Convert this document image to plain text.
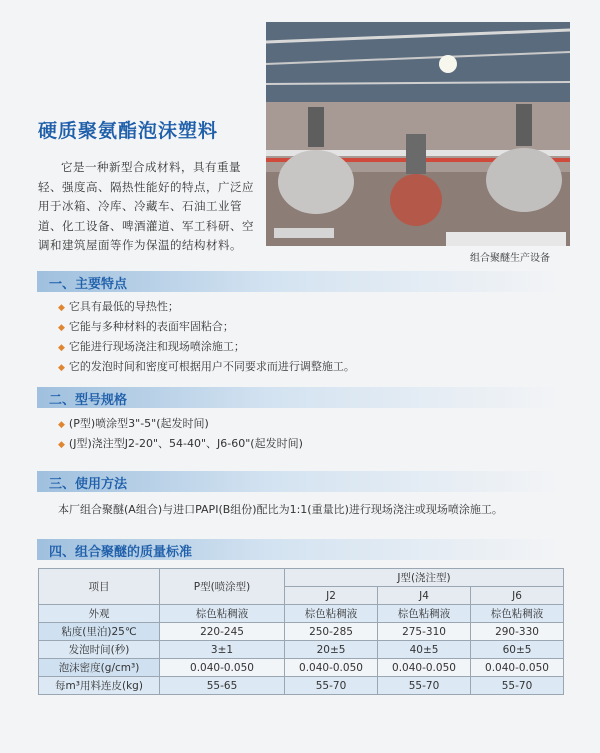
组合聚醚生产设备
硬质聚氨酯泡沫塑料
它是一种新型合成材料，具有重量轻、强度高、隔热性能好的特点，广泛应用于冰箱、冷库、冷藏车、石油工业管道、化工设备、啤酒灌道、军工科研、空调和建筑屋面等作为保温的结构材料。
一、主要特点
◆ 它具有最低的导热性；
◆ 它能与多种材料的表面牢固粘合；
◆ 它能进行现场浇注和现场喷涂施工；
◆ 它的发泡时间和密度可根据用户不同要求而进行调整施工。
二、型号规格
◆ (P型)喷涂型3"-5"(起发时间)
◆ (J型)浇注型J2-20"、54-40"、J6-60"(起发时间)
三、使用方法
本厂组合聚醚(A组合)与进口PAPI(B组份)配比为1:1(重量比)进行现场浇注或现场喷涂施工。
四、组合聚醚的质量标准
项目	P型(喷涂型)	J型(浇注型)		
		J2	J4	J6
外观	棕色粘稠液	棕色粘稠液	棕色粘稠液	棕色粘稠液
粘度(里泊)25℃	220-245	250-285	275-310	290-330
发泡时间(秒)	3±1	20±5	40±5	60±5
泡沫密度(g/cm³)	0.040-0.050	0.040-0.050	0.040-0.050	0.040-0.050
每m³用料连皮(kg)	55-65	55-70	55-70	55-70
